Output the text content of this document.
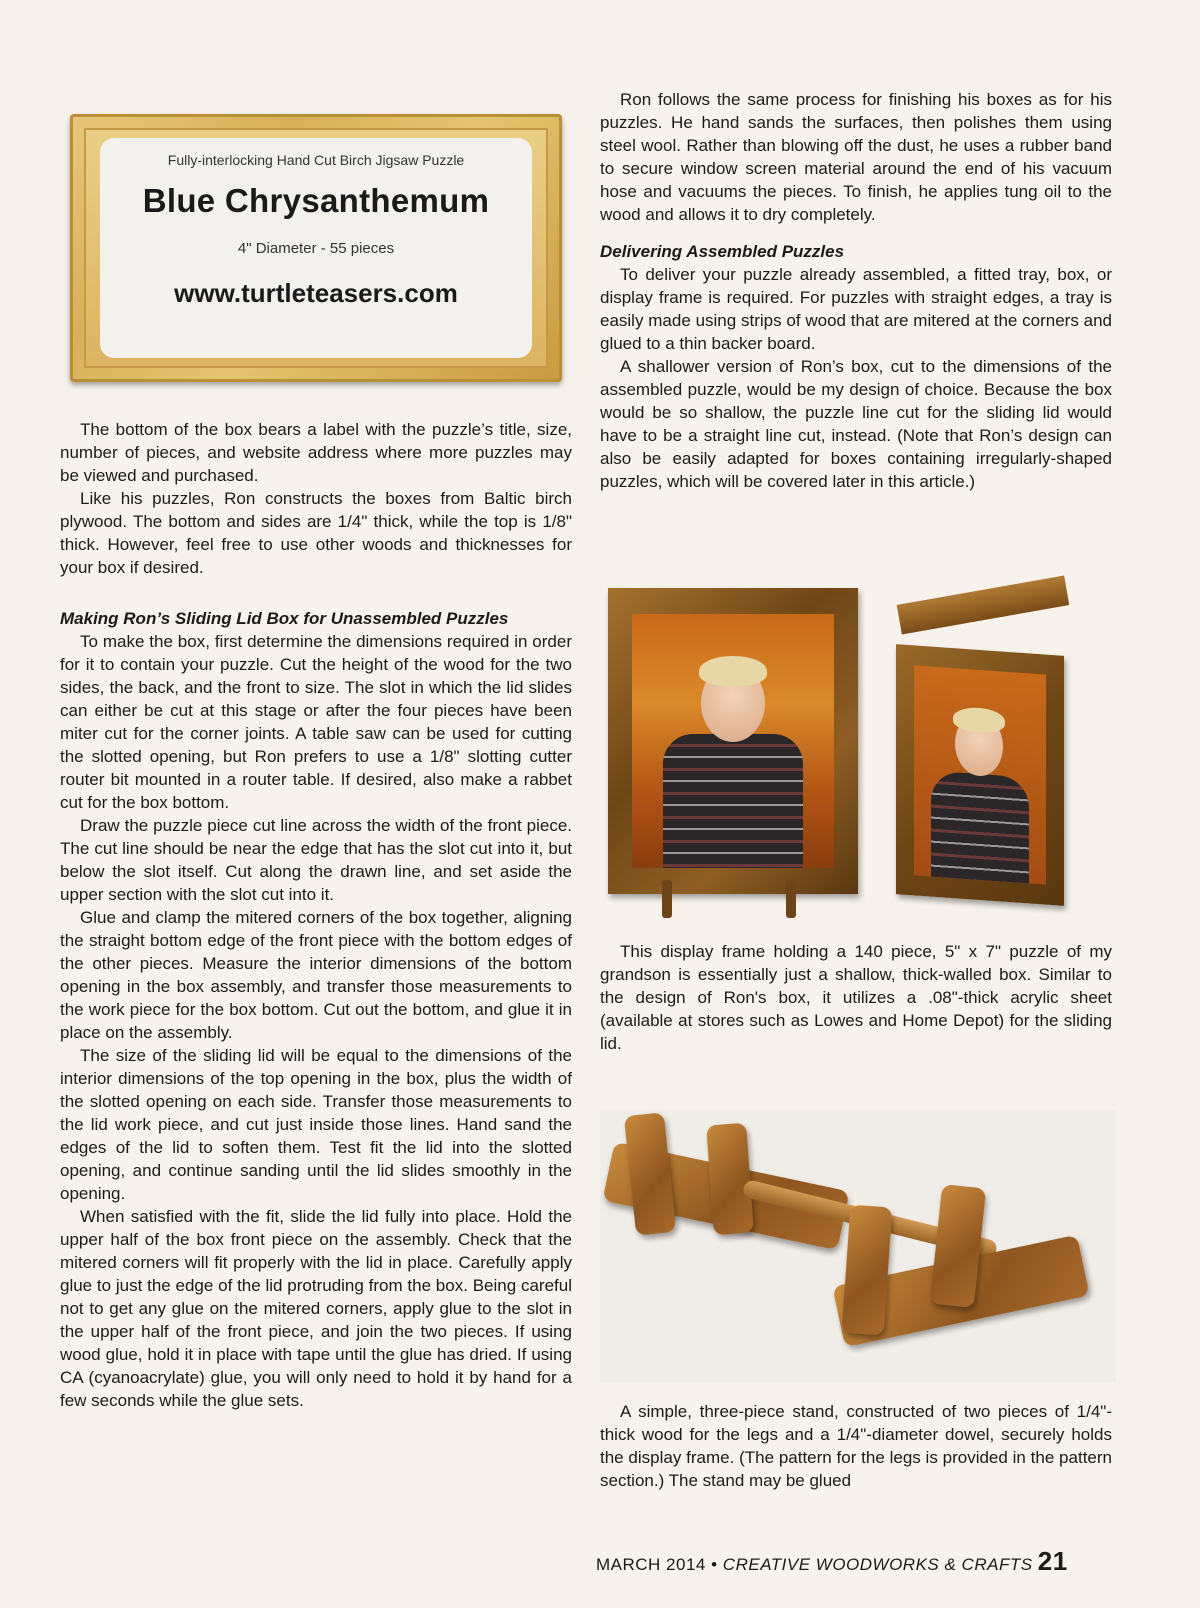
Fully-interlocking Hand Cut Birch Jigsaw Puzzle
Blue Chrysanthemum
4" Diameter - 55 pieces
www.turtleteasers.com

The bottom of the box bears a label with the puzzle’s title, size, number of pieces, and website address where more puzzles may be viewed and purchased.

Like his puzzles, Ron constructs the boxes from Baltic birch plywood. The bottom and sides are 1/4" thick, while the top is 1/8" thick. However, feel free to use other woods and thicknesses for your box if desired.

Making Ron’s Sliding Lid Box for Unassembled Puzzles

To make the box, first determine the dimensions required in order for it to contain your puzzle. Cut the height of the wood for the two sides, the back, and the front to size. The slot in which the lid slides can either be cut at this stage or after the four pieces have been miter cut for the corner joints. A table saw can be used for cutting the slotted opening, but Ron prefers to use a 1/8" slotting cutter router bit mounted in a router table. If desired, also make a rabbet cut for the box bottom.

Draw the puzzle piece cut line across the width of the front piece. The cut line should be near the edge that has the slot cut into it, but below the slot itself. Cut along the drawn line, and set aside the upper section with the slot cut into it.

Glue and clamp the mitered corners of the box together, aligning the straight bottom edge of the front piece with the bottom edges of the other pieces. Measure the interior dimensions of the bottom opening in the box assembly, and transfer those measurements to the work piece for the box bottom. Cut out the bottom, and glue it in place on the assembly.

The size of the sliding lid will be equal to the dimensions of the interior dimensions of the top opening in the box, plus the width of the slotted opening on each side. Transfer those measurements to the lid work piece, and cut just inside those lines. Hand sand the edges of the lid to soften them. Test fit the lid into the slotted opening, and continue sanding until the lid slides smoothly in the opening.

When satisfied with the fit, slide the lid fully into place. Hold the upper half of the box front piece on the assembly. Check that the mitered corners will fit properly with the lid in place. Carefully apply glue to just the edge of the lid protruding from the box. Being careful not to get any glue on the mitered corners, apply glue to the slot in the upper half of the front piece, and join the two pieces. If using wood glue, hold it in place with tape until the glue has dried. If using CA (cyanoacrylate) glue, you will only need to hold it by hand for a few seconds while the glue sets.

Ron follows the same process for finishing his boxes as for his puzzles. He hand sands the surfaces, then polishes them using steel wool. Rather than blowing off the dust, he uses a rubber band to secure window screen material around the end of his vacuum hose and vacuums the pieces. To finish, he applies tung oil to the wood and allows it to dry completely.

Delivering Assembled Puzzles

To deliver your puzzle already assembled, a fitted tray, box, or display frame is required. For puzzles with straight edges, a tray is easily made using strips of wood that are mitered at the corners and glued to a thin backer board.

A shallower version of Ron’s box, cut to the dimensions of the assembled puzzle, would be my design of choice. Because the box would be so shallow, the puzzle line cut for the sliding lid would have to be a straight line cut, instead. (Note that Ron’s design can also be easily adapted for boxes containing irregularly-shaped puzzles, which will be covered later in this article.)

This display frame holding a 140 piece, 5" x 7" puzzle of my grandson is essentially just a shallow, thick-walled box. Similar to the design of Ron's box, it utilizes a .08"-thick acrylic sheet (available at stores such as Lowes and Home Depot) for the sliding lid.

A simple, three-piece stand, constructed of two pieces of 1/4"-thick wood for the legs and a 1/4"-diameter dowel, securely holds the display frame. (The pattern for the legs is provided in the pattern section.) The stand may be glued

MARCH 2014 • CREATIVE WOODWORKS & CRAFTS 21
